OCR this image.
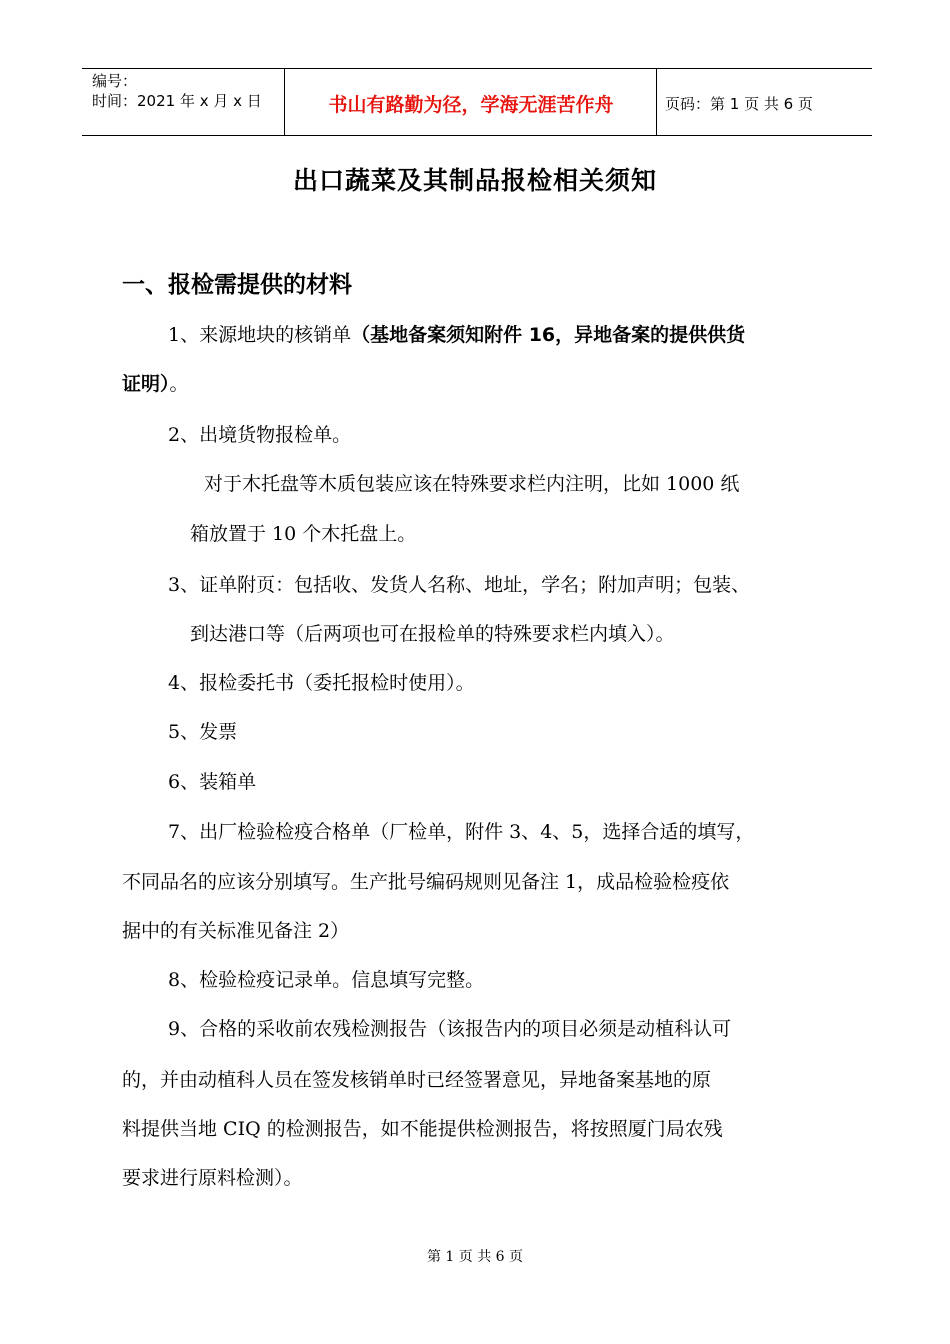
编号：
时间：2021 年 x 月 x 日	书山有路勤为径，学海无涯苦作舟	页码：第 1 页 共 6 页
出口蔬菜及其制品报检相关须知
一、报检需提供的材料
1、来源地块的核销单（基地备案须知附件 16，异地备案的提供供货
证明）。
2、出境货物报检单。
对于木托盘等木质包装应该在特殊要求栏内注明，比如 1000 纸
箱放置于 10 个木托盘上。
3、证单附页：包括收、发货人名称、地址，学名；附加声明；包装、
到达港口等（后两项也可在报检单的特殊要求栏内填入）。
4、报检委托书（委托报检时使用）。
5、发票
6、装箱单
7、出厂检验检疫合格单（厂检单，附件 3、4、5，选择合适的填写，
不同品名的应该分别填写。生产批号编码规则见备注 1，成品检验检疫依
据中的有关标准见备注 2）
8、检验检疫记录单。信息填写完整。
9、合格的采收前农残检测报告（该报告内的项目必须是动植科认可
的，并由动植科人员在签发核销单时已经签署意见，异地备案基地的原
料提供当地 CIQ 的检测报告，如不能提供检测报告，将按照厦门局农残
要求进行原料检测）。
第 1 页 共 6 页
